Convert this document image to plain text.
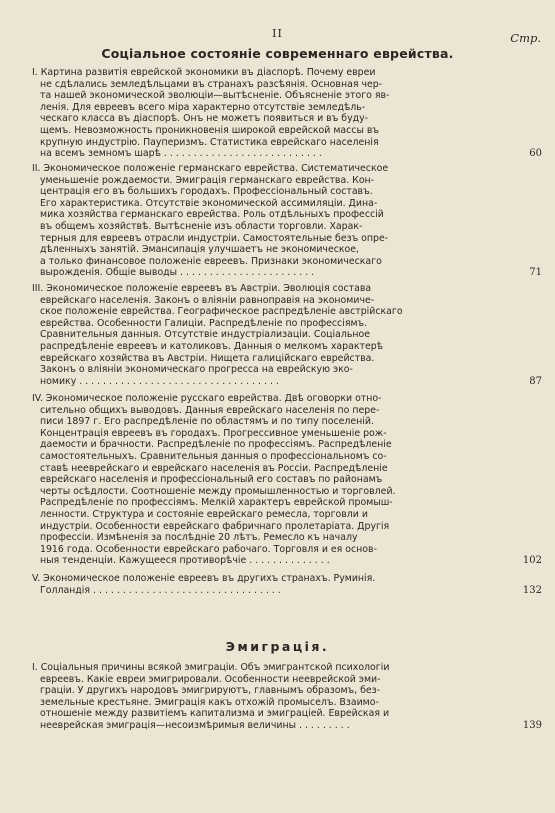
II	Стр.
Соціальное состояніе современнаго еврейства.
I. Картина развитія еврейской экономики въ діаспорѣ. Почему евреи
не сдѣлались земледѣльцами въ странахъ разсѣянія. Основная чер-
та нашей экономической эволюціи—вытѣсненіе. Объясненіе этого яв-
ленія. Для евреевъ всего міра характерно отсутствіе земледѣль-
ческаго класса въ діаспорѣ. Онъ не можетъ появиться и въ буду-
щемъ. Невозможность проникновенія широкой еврейской массы въ
крупную индустрію. Пауперизмъ. Статистика еврейскаго населенія
на всемъ земномъ шарѣ . . . . . . . . . . . . . . . . . . . . . . . . . . .	60
II. Экономическое положеніе германскаго еврейства. Систематическое
уменьшеніе рождаемости. Эмиграція германскаго еврейства. Кон-
центрація его въ большихъ городахъ. Профессіональный составъ.
Его характеристика. Отсутствіе экономической ассимиляціи. Дина-
мика хозяйства германскаго еврейства. Роль отдѣльныхъ профессій
въ общемъ хозяйствѣ. Вытѣсненіе изъ области торговли. Харак-
терныя для евреевъ отрасли индустріи. Самостоятельные безъ опре-
дѣленныхъ занятій. Эмансипація улучшаетъ не экономическое,
а только финансовое положеніе евреевъ. Признаки экономическаго
вырожденія. Общіе выводы . . . . . . . . . . . . . . . . . . . . . . .	71
III. Экономическое положеніе евреевъ въ Австріи. Эволюція состава
еврейскаго населенія. Законъ о вліяніи равноправія на экономиче-
ское положеніе еврейства. Географическое распредѣленіе австрійскаго
еврейства. Особенности Галиціи. Распредѣленіе по профессіямъ.
Сравнительныя данныя. Отсутствіе индустріализаціи. Соціальное
распредѣленіе евреевъ и католиковъ. Данныя о мелкомъ характерѣ
еврейскаго хозяйства въ Австріи. Нищета галиційскаго еврейства.
Законъ о вліяніи экономическаго прогресса на еврейскую эко-
номику . . . . . . . . . . . . . . . . . . . . . . . . . . . . . . . . . .	87
IV. Экономическое положеніе русскаго еврейства. Двѣ оговорки отно-
сительно общихъ выводовъ. Данныя еврейскаго населенія по пере-
писи 1897 г. Его распредѣленіе по областямъ и по типу поселеній.
Концентрація евреевъ въ городахъ. Прогрессивное уменьшеніе рож-
даемости и брачности. Распредѣленіе по профессіямъ. Распредѣленіе
самостоятельныхъ. Сравнительныя данныя о профессіональномъ со-
ставѣ нееврейскаго и еврейскаго населенія въ Россіи. Распредѣленіе
еврейскаго населенія и профессіональный его составъ по районамъ
черты осѣдлости. Соотношеніе между промышленностью и торговлей.
Распредѣленіе по профессіямъ. Мелкій характеръ еврейской промыш-
ленности. Структура и состояніе еврейскаго ремесла, торговли и
индустріи. Особенности еврейскаго фабричнаго пролетаріата. Другія
профессіи. Измѣненія за послѣдніе 20 лѣтъ. Ремесло къ началу
1916 года. Особенности еврейскаго рабочаго. Торговля и ея основ-
ныя тенденціи. Кажущееся противорѣчіе . . . . . . . . . . . . . .	102
V. Экономическое положеніе евреевъ въ другихъ странахъ. Руминія.
Голландія . . . . . . . . . . . . . . . . . . . . . . . . . . . . . . . .	132
Эмиграція.
I. Соціальныя причины всякой эмиграціи. Объ эмигрантской психологіи
евреевъ. Какіе евреи эмигрировали. Особенности нееврейской эми-
граціи. У другихъ народовъ эмигрируютъ, главнымъ образомъ, без-
земельные крестьяне. Эмиграція какъ отхожій промыселъ. Взаимо-
отношеніе между развитіемъ капитализма и эмиграціей. Еврейская и
нееврейская эмиграція—несоизмѣримыя величины . . . . . . . . .	139
